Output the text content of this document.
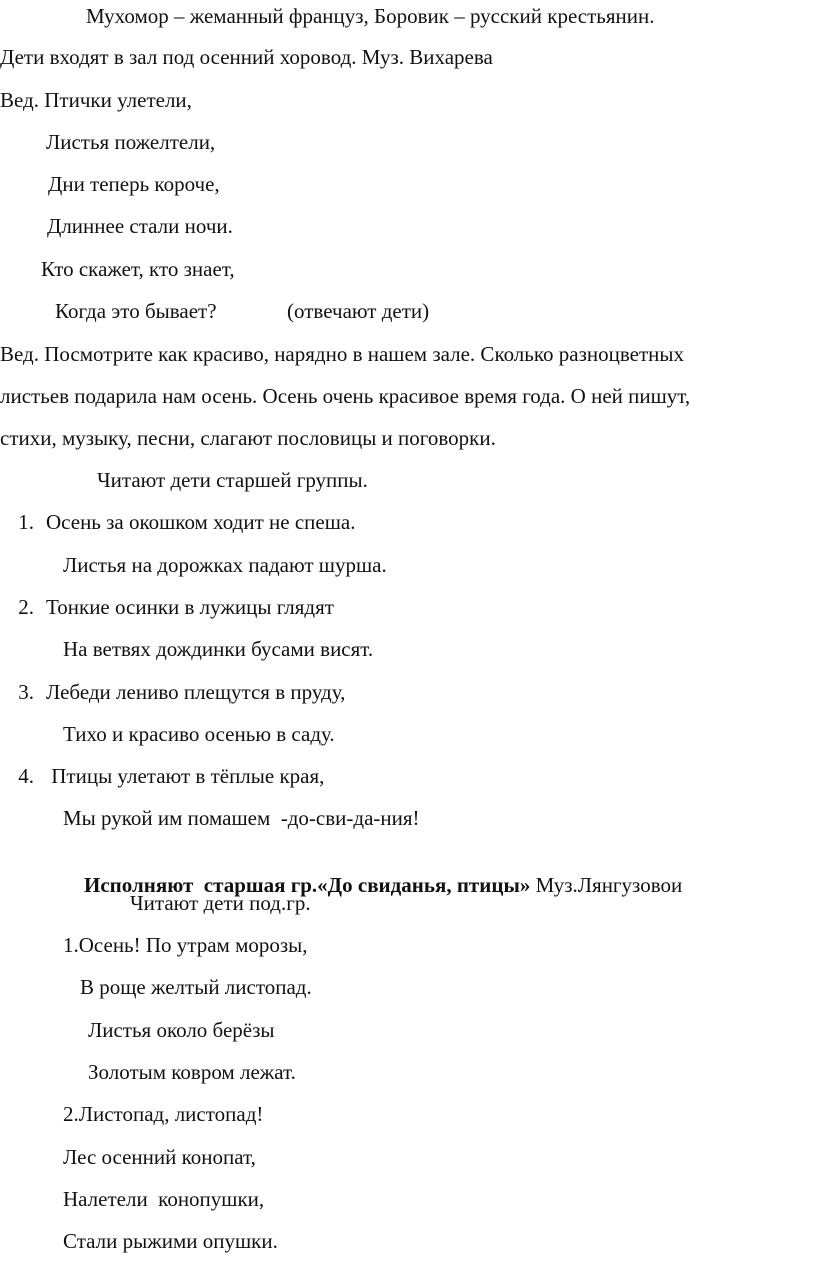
Мухомор – жеманный француз, Боровик – русский крестьянин.
Дети входят в зал под осенний хоровод. Муз. Вихарева
Вед. Птички улетели,
Листья пожелтели,
Дни теперь короче,
Длиннее стали ночи.
Кто скажет, кто знает,
Когда это бывает?	(отвечают дети)
Вед. Посмотрите как красиво, нарядно в нашем зале. Сколько разноцветных
листьев подарила нам осень. Осень очень красивое время года. О ней пишут,
стихи, музыку, песни, слагают пословицы и поговорки.
Читают дети старшей группы.
1. Осень за окошком ходит не спеша.
Листья на дорожках падают шурша.
2. Тонкие осинки в лужицы глядят
На ветвях дождинки бусами висят.
3. Лебеди лениво плещутся в пруду,
Тихо и красиво осенью в саду.
4. Птицы улетают в тёплые края,
Мы рукой им помашем  -до-сви-да-ния!

Исполняют  старшая гр.«До свиданья, птицы» Муз.Лянгузовои

Читают дети под.гр.
1.Осень! По утрам морозы,
В роще желтый листопад.
Листья около берёзы
Золотым ковром лежат.
2.Листопад, листопад!
Лес осенний конопат,
Налетели  конопушки,
Стали рыжими опушки.
